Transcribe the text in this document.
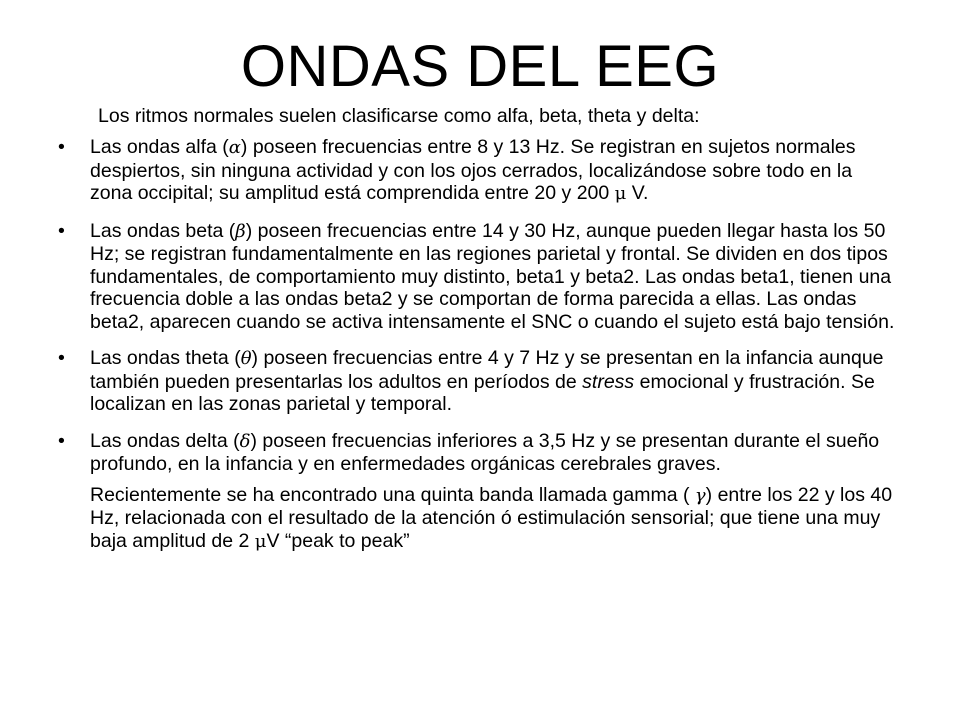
ONDAS DEL EEG
Los ritmos normales suelen clasificarse como alfa, beta, theta y delta:
• Las ondas alfa (α) poseen frecuencias entre 8 y 13 Hz. Se registran en sujetos normales despiertos, sin ninguna actividad y con los ojos cerrados, localizándose sobre todo en la zona occipital; su amplitud está comprendida entre 20 y 200 μ V.
• Las ondas beta (β) poseen frecuencias entre 14 y 30 Hz, aunque pueden llegar hasta los 50 Hz; se registran fundamentalmente en las regiones parietal y frontal. Se dividen en dos tipos fundamentales, de comportamiento muy distinto, beta1 y beta2. Las ondas beta1, tienen una frecuencia doble a las ondas beta2 y se comportan de forma parecida a ellas. Las ondas beta2, aparecen cuando se activa intensamente el SNC o cuando el sujeto está bajo tensión.
• Las ondas theta (θ) poseen frecuencias entre 4 y 7 Hz y se presentan en la infancia aunque también pueden presentarlas los adultos en períodos de stress emocional y frustración. Se localizan en las zonas parietal y temporal.
• Las ondas delta (δ) poseen frecuencias inferiores a 3,5 Hz y se presentan durante el sueño profundo, en la infancia y en enfermedades orgánicas cerebrales graves.
Recientemente se ha encontrado una quinta banda llamada gamma ( γ) entre los 22 y los 40 Hz, relacionada con el resultado de la atención ó estimulación sensorial; que tiene una muy baja amplitud de 2 μV “peak to peak”
